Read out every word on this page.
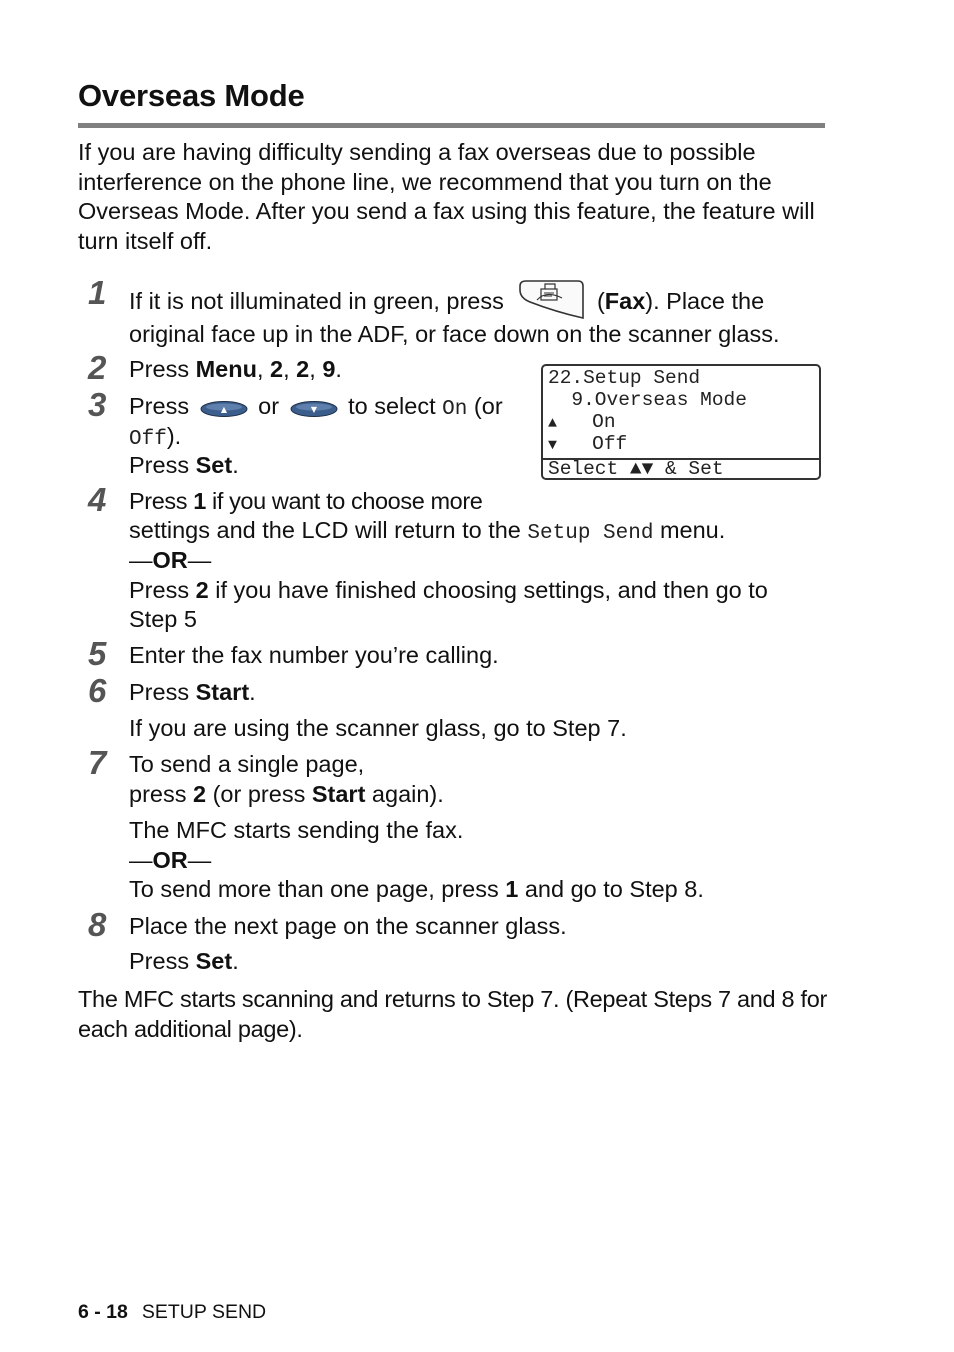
Overseas Mode

If you are having difficulty sending a fax overseas due to possible interference on the phone line, we recommend that you turn on the Overseas Mode. After you send a fax using this feature, the feature will turn itself off.

1 If it is not illuminated in green, press	(Fax). Place the
original face up in the ADF, or face down on the scanner glass.
2 Press Menu, 2, 2, 9.
3 Press	▲ or	▼ to select On (or
Off).
Press Set.
22.Setup Send
9.Overseas Mode
▲   On
▼   Off
Select ▲▼ & Set
4 Press 1 if you want to choose more
settings and the LCD will return to the Setup Send menu.
—OR—
Press 2 if you have finished choosing settings, and then go to
Step 5
5 Enter the fax number you’re calling.
6 Press Start.
If you are using the scanner glass, go to Step 7.
7 To send a single page,
press 2 (or press Start again).
The MFC starts sending the fax.
—OR—
To send more than one page, press 1 and go to Step 8.
8 Place the next page on the scanner glass.
Press Set.

The MFC starts scanning and returns to Step 7. (Repeat Steps 7 and 8 for each additional page).

6 - 18 SETUP SEND
